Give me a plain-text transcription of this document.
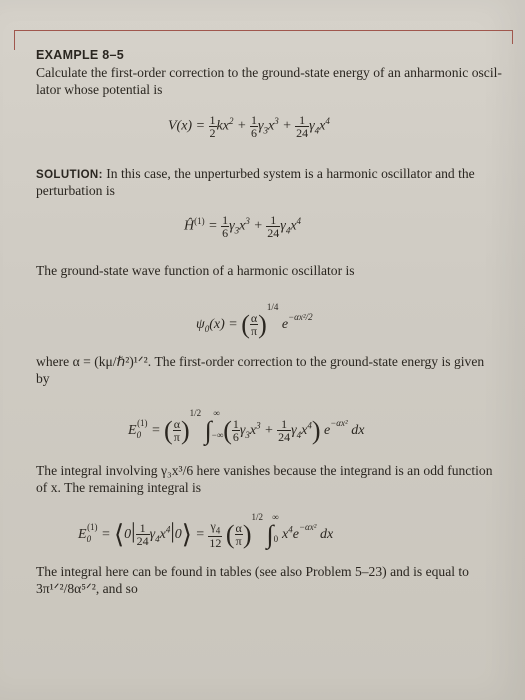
EXAMPLE 8–5
Calculate the first-order correction to the ground-state energy of an anharmonic oscil-
lator whose potential is
$V(x) = \frac{1}{2} kx^2 + \frac{1}{6} \gamma_3x^3 + \frac{1}{24} \gamma_4x^4$
SOLUTION: In this case, the unperturbed system is a harmonic oscillator and the
perturbation is
$Ĥ^{(1)} = \frac{1}{6} \gamma_3x^3 + \frac{1}{24} \gamma_4x^4$
The ground-state wave function of a harmonic oscillator is
$\psi_0(x)$ = ( $\frac{\alpha}{\pi} )^{1/4}$ $e^{-\alpha x^2/2}$
where α = (kμ/ℏ²)¹ᐟ². The first-order correction to the ground-state energy is given
by
$E_0^{(1)}$ = ( $\frac{\alpha}{\pi} )^{1/2}$ $\int_{-\infty}^\infty$ ( $\frac{1}{6} \gamma_3x^3 + \frac{1}{24} \gamma_4x^4$) $e^{-\alpha x^2}$ dx
The integral involving γ₃x³/6 here vanishes because the integrand is an odd function
of x. The remaining integral is
$E_0^{(1)}$ = ⟨0| $\frac{1}{24}$ $\gamma_4x^4|0⟩ = \frac{\gamma_4}{12}$ ( $\frac{\alpha}{\pi} )^{1/2}$ $\int_0^\infty$ $x^4e^{-\alpha x^2}$ dx
The integral here can be found in tables (see also Problem 5–23) and is equal to
3π¹ᐟ²/8α⁵ᐟ², and so
